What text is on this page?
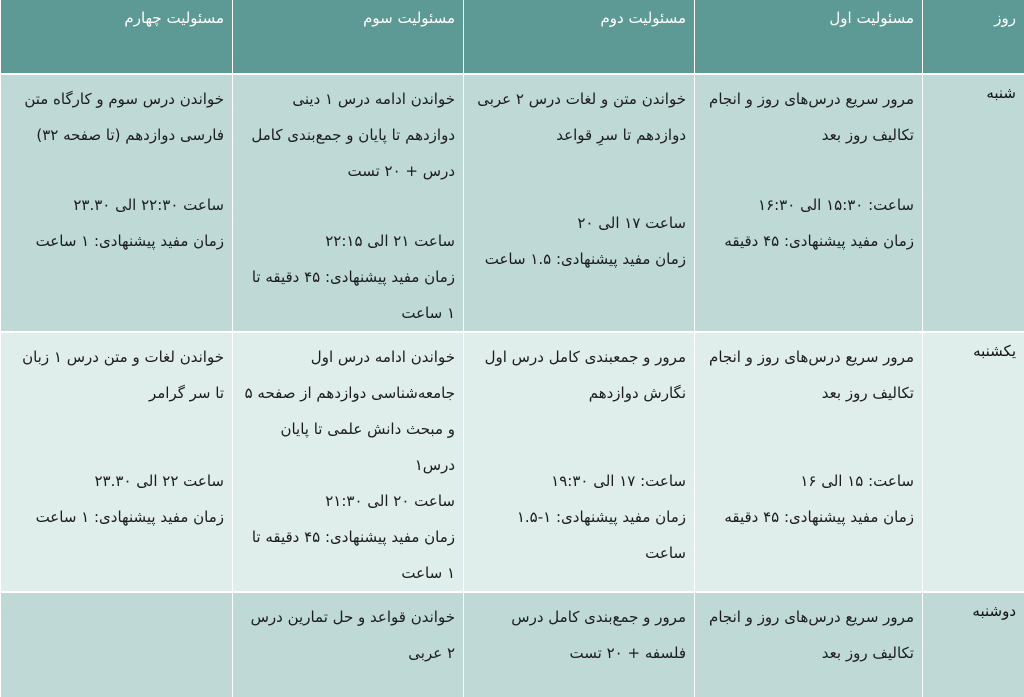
روز	مسئولیت اول	مسئولیت دوم	مسئولیت سوم	مسئولیت چهارم
شنبه	مرور سریع درس‌های روز و انجام تکالیف روز بعد
ساعت: ۱۵:۳۰ الی ۱۶:۳۰
زمان مفید پیشنهادی: ۴۵ دقیقه	خواندن متن و لغات درس ۲ عربی دوازدهم تا سرِ قواعد
ساعت ۱۷ الی ۲۰
زمان مفید پیشنهادی: ۱.۵ ساعت	خواندن ادامه درس ۱ دینی دوازدهم تا پایان و جمع‌بندی کامل درس + ۲۰ تست
ساعت ۲۱ الی ۲۲:۱۵
زمان مفید پیشنهادی: ۴۵ دقیقه تا ۱ ساعت	خواندن درس سوم و کارگاه متن فارسی دوازدهم (تا صفحه ۳۲)
ساعت ۲۲:۳۰ الی ۲۳.۳۰
زمان مفید پیشنهادی: ۱ ساعت

یکشنبه	مرور سریع درس‌های روز و انجام تکالیف روز بعد
ساعت: ۱۵ الی ۱۶
زمان مفید پیشنهادی: ۴۵ دقیقه	مرور و جمعبندی کامل درس اول نگارش دوازدهم
ساعت: ۱۷ الی ۱۹:۳۰
زمان مفید پیشنهادی: ۱-۱.۵ ساعت	خواندن ادامه درس اول جامعه‌شناسی دوازدهم از صفحه ۵ و مبحث دانش علمی تا پایان درس۱
ساعت ۲۰ الی ۲۱:۳۰
زمان مفید پیشنهادی: ۴۵ دقیقه تا ۱ ساعت	خواندن لغات و متن درس ۱ زبان تا سر گرامر
ساعت ۲۲ الی ۲۳.۳۰
زمان مفید پیشنهادی: ۱ ساعت

دوشنبه	مرور سریع درس‌های روز و انجام تکالیف روز بعد	مرور و جمع‌بندی کامل درس فلسفه + ۲۰ تست	خواندن قواعد و حل تمارین درس ۲ عربی	
